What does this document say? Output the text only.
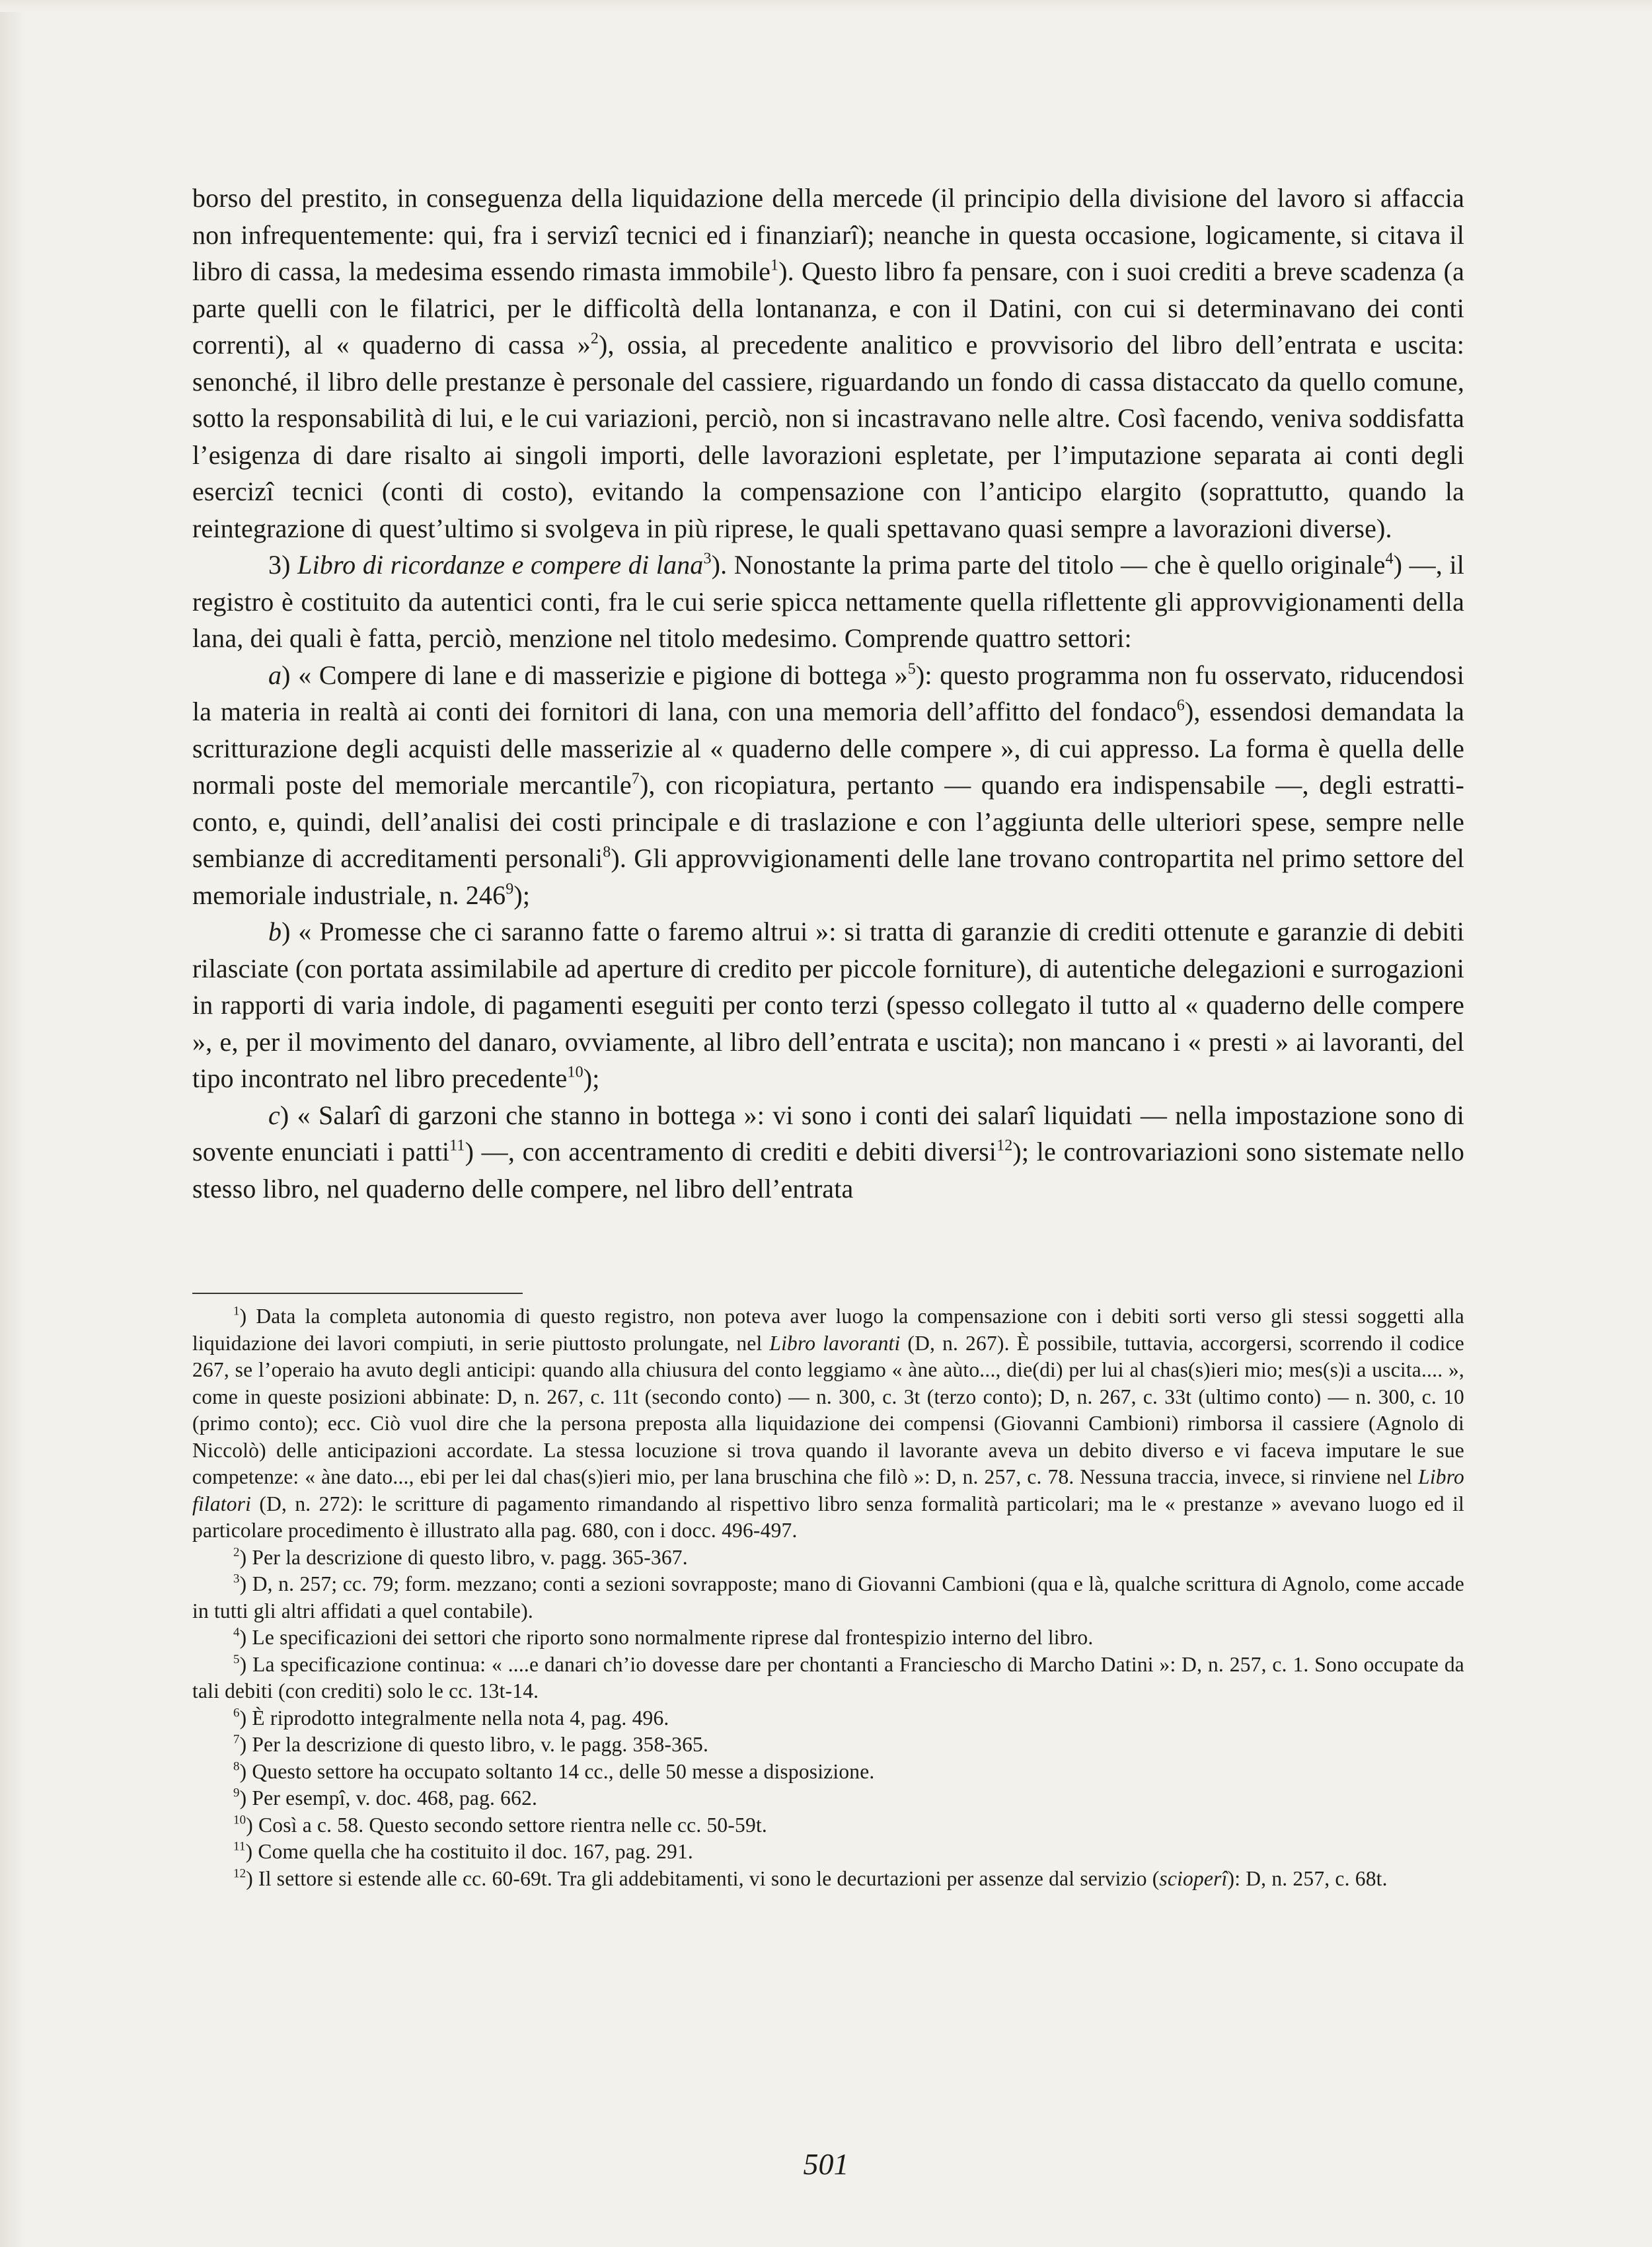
borso del prestito, in conseguenza della liquidazione della mercede (il principio della divisione del lavoro si affaccia non infrequentemente: qui, fra i servizî tecnici ed i finanziarî); neanche in questa occasione, logicamente, si citava il libro di cassa, la medesima essendo rimasta immobile$^1$). Questo libro fa pensare, con i suoi crediti a breve scadenza (a parte quelli con le filatrici, per le difficoltà della lontananza, e con il Datini, con cui si determinavano dei conti correnti), al « quaderno di cassa »$^2$), ossia, al precedente analitico e provvisorio del libro dell’entrata e uscita: senonché, il libro delle prestanze è personale del cassiere, riguardando un fondo di cassa distaccato da quello comune, sotto la responsabilità di lui, e le cui variazioni, perciò, non si incastravano nelle altre. Così facendo, veniva soddisfatta l’esigenza di dare risalto ai singoli importi, delle lavorazioni espletate, per l’imputazione separata ai conti degli esercizî tecnici (conti di costo), evitando la compensazione con l’anticipo elargito (soprattutto, quando la reintegrazione di quest’ultimo si svolgeva in più riprese, le quali spettavano quasi sempre a lavorazioni diverse).

3) Libro di ricordanze e compere di lana$^3$). Nonostante la prima parte del titolo — che è quello originale$^4$) —, il registro è costituito da autentici conti, fra le cui serie spicca nettamente quella riflettente gli approvvigionamenti della lana, dei quali è fatta, perciò, menzione nel titolo medesimo. Comprende quattro settori:

a) « Compere di lane e di masserizie e pigione di bottega »$^5$): questo programma non fu osservato, riducendosi la materia in realtà ai conti dei fornitori di lana, con una memoria dell’affitto del fondaco$^6$), essendosi demandata la scritturazione degli acquisti delle masserizie al « quaderno delle compere », di cui appresso. La forma è quella delle normali poste del memoriale mercantile$^7$), con ricopiatura, pertanto — quando era indispensabile —, degli estratti-conto, e, quindi, dell’analisi dei costi principale e di traslazione e con l’aggiunta delle ulteriori spese, sempre nelle sembianze di accreditamenti personali$^8$). Gli approvvigionamenti delle lane trovano contropartita nel primo settore del memoriale industriale, n. $246^9$);

b) « Promesse che ci saranno fatte o faremo altrui »: si tratta di garanzie di crediti ottenute e garanzie di debiti rilasciate (con portata assimilabile ad aperture di credito per piccole forniture), di autentiche delegazioni e surrogazioni in rapporti di varia indole, di pagamenti eseguiti per conto terzi (spesso collegato il tutto al « quaderno delle compere », e, per il movimento del danaro, ovviamente, al libro dell’entrata e uscita); non mancano i « presti » ai lavoranti, del tipo incontrato nel libro precedente$^{10}$);

c) « Salarî di garzoni che stanno in bottega »: vi sono i conti dei salarî liquidati — nella impostazione sono di sovente enunciati i patti$^{11}$) —, con accentramento di crediti e debiti diversi$^{12}$); le controvariazioni sono sistemate nello stesso libro, nel quaderno delle compere, nel libro dell’entrata

$^1$) Data la completa autonomia di questo registro, non poteva aver luogo la compensazione con i debiti sorti verso gli stessi soggetti alla liquidazione dei lavori compiuti, in serie piuttosto prolungate, nel Libro lavoranti (D, n. 267). È possibile, tuttavia, accorgersi, scorrendo il codice 267, se l’operaio ha avuto degli anticipi: quando alla chiusura del conto leggiamo « àne aùto..., die(di) per lui al chas(s)ieri mio; mes(s)i a uscita.... », come in queste posizioni abbinate: D, n. 267, c. 11t (secondo conto) — n. 300, c. 3t (terzo conto); D, n. 267, c. 33t (ultimo conto) — n. 300, c. 10 (primo conto); ecc. Ciò vuol dire che la persona preposta alla liquidazione dei compensi (Giovanni Cambioni) rimborsa il cassiere (Agnolo di Niccolò) delle anticipazioni accordate. La stessa locuzione si trova quando il lavorante aveva un debito diverso e vi faceva imputare le sue competenze: « àne dato..., ebi per lei dal chas(s)ieri mio, per lana bruschina che filò »: D, n. 257, c. 78. Nessuna traccia, invece, si rinviene nel Libro filatori (D, n. 272): le scritture di pagamento rimandando al rispettivo libro senza formalità particolari; ma le « prestanze » avevano luogo ed il particolare procedimento è illustrato alla pag. 680, con i docc. 496-497.

$^2$) Per la descrizione di questo libro, v. pagg. 365-367.

$^3$) D, n. 257; cc. 79; form. mezzano; conti a sezioni sovrapposte; mano di Giovanni Cambioni (qua e là, qualche scrittura di Agnolo, come accade in tutti gli altri affidati a quel contabile).

$^4$) Le specificazioni dei settori che riporto sono normalmente riprese dal frontespizio interno del libro.

$^5$) La specificazione continua: « ....e danari ch’io dovesse dare per chontanti a Francieschо di Marcho Datini »: D, n. 257, c. 1. Sono occupate da tali debiti (con crediti) solo le cc. 13t-14.

$^6$) È riprodotto integralmente nella nota 4, pag. 496.

$^7$) Per la descrizione di questo libro, v. le pagg. 358-365.

$^8$) Questo settore ha occupato soltanto 14 cc., delle 50 messe a disposizione.

$^9$) Per esempî, v. doc. 468, pag. 662.

$^{10}$) Così a c. 58. Questo secondo settore rientra nelle cc. 50-59t.

$^{11}$) Come quella che ha costituito il doc. 167, pag. 291.

$^{12}$) Il settore si estende alle cc. 60-69t. Tra gli addebitamenti, vi sono le decurtazioni per assenze dal servizio (scioperî): D, n. 257, c. 68t.

501
